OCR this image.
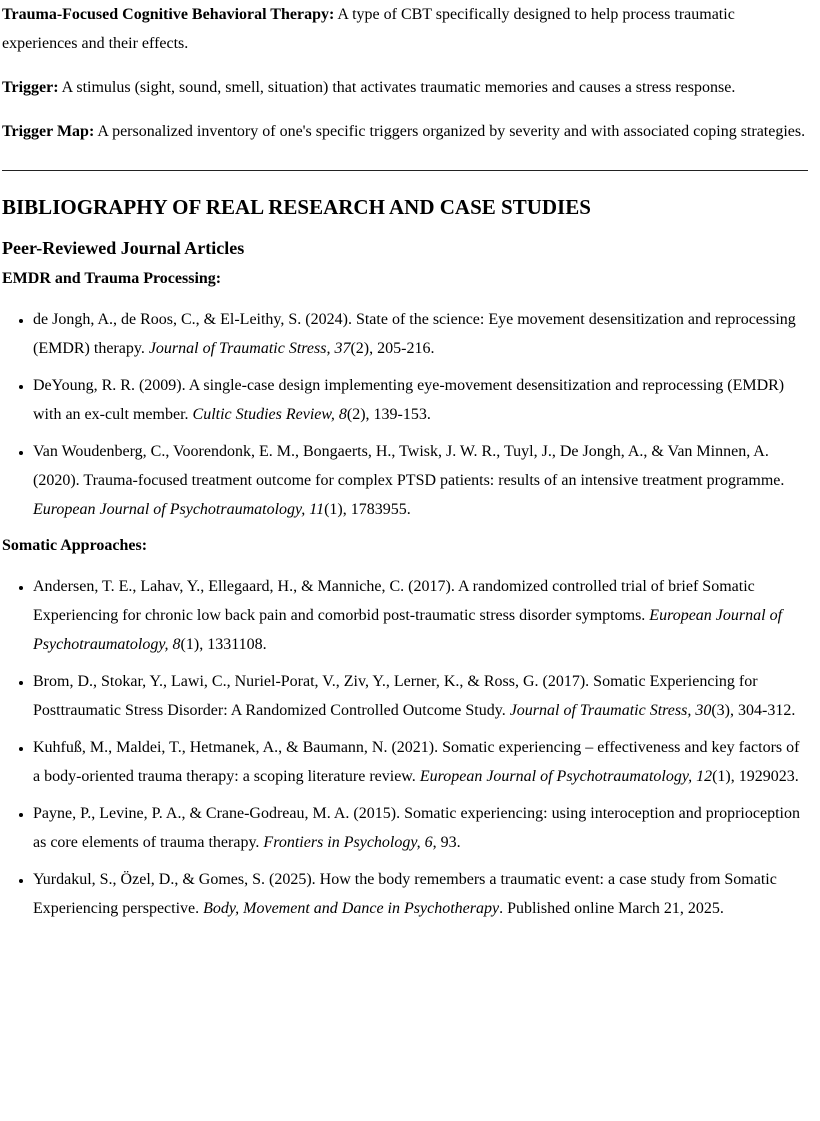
Trauma-Focused Cognitive Behavioral Therapy: A type of CBT specifically designed to help process traumatic experiences and their effects.

Trigger: A stimulus (sight, sound, smell, situation) that activates traumatic memories and causes a stress response.

Trigger Map: A personalized inventory of one's specific triggers organized by severity and with associated coping strategies.

BIBLIOGRAPHY OF REAL RESEARCH AND CASE STUDIES
Peer-Reviewed Journal Articles
EMDR and Trauma Processing:
• de Jongh, A., de Roos, C., & El-Leithy, S. (2024). State of the science: Eye movement desensitization and reprocessing (EMDR) therapy. Journal of Traumatic Stress, 37(2), 205-216.
• DeYoung, R. R. (2009). A single-case design implementing eye-movement desensitization and reprocessing (EMDR) with an ex-cult member. Cultic Studies Review, 8(2), 139-153.
• Van Woudenberg, C., Voorendonk, E. M., Bongaerts, H., Twisk, J. W. R., Tuyl, J., De Jongh, A., & Van Minnen, A. (2020). Trauma-focused treatment outcome for complex PTSD patients: results of an intensive treatment programme. European Journal of Psychotraumatology, 11(1), 1783955.
Somatic Approaches:
• Andersen, T. E., Lahav, Y., Ellegaard, H., & Manniche, C. (2017). A randomized controlled trial of brief Somatic Experiencing for chronic low back pain and comorbid post-traumatic stress disorder symptoms. European Journal of Psychotraumatology, 8(1), 1331108.
• Brom, D., Stokar, Y., Lawi, C., Nuriel-Porat, V., Ziv, Y., Lerner, K., & Ross, G. (2017). Somatic Experiencing for Posttraumatic Stress Disorder: A Randomized Controlled Outcome Study. Journal of Traumatic Stress, 30(3), 304-312.
• Kuhfuß, M., Maldei, T., Hetmanek, A., & Baumann, N. (2021). Somatic experiencing – effectiveness and key factors of a body-oriented trauma therapy: a scoping literature review. European Journal of Psychotraumatology, 12(1), 1929023.
• Payne, P., Levine, P. A., & Crane-Godreau, M. A. (2015). Somatic experiencing: using interoception and proprioception as core elements of trauma therapy. Frontiers in Psychology, 6, 93.
• Yurdakul, S., Özel, D., & Gomes, S. (2025). How the body remembers a traumatic event: a case study from Somatic Experiencing perspective. Body, Movement and Dance in Psychotherapy. Published online March 21, 2025.
